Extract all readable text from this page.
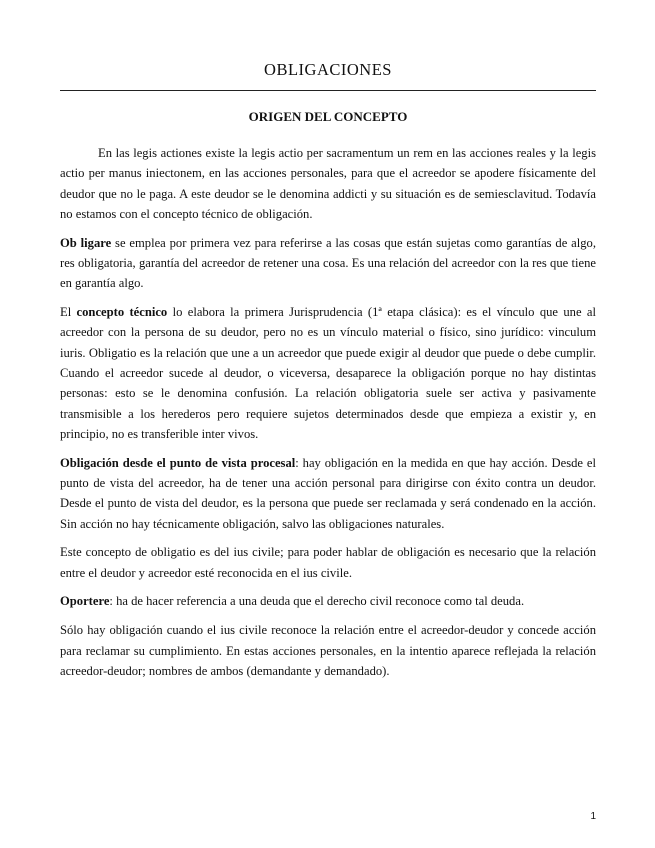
OBLIGACIONES
ORIGEN DEL CONCEPTO

En las legis actiones existe la legis actio per sacramentum un rem en las acciones reales y la legis actio per manus iniectonem, en las acciones personales, para que el acreedor se apodere físicamente del deudor que no le paga. A este deudor se le denomina addicti y su situación es de semiesclavitud. Todavía no estamos con el concepto técnico de obligación.

Ob ligare se emplea por primera vez para referirse a las cosas que están sujetas como garantías de algo, res obligatoria, garantía del acreedor de retener una cosa. Es una relación del acreedor con la res que tiene en garantía algo.

El concepto técnico lo elabora la primera Jurisprudencia (1ª etapa clásica): es el vínculo que une al acreedor con la persona de su deudor, pero no es un vínculo material o físico, sino jurídico: vinculum iuris. Obligatio es la relación que une a un acreedor que puede exigir al deudor que puede o debe cumplir. Cuando el acreedor sucede al deudor, o viceversa, desaparece la obligación porque no hay distintas personas: esto se le denomina confusión. La relación obligatoria suele ser activa y pasivamente transmisible a los herederos pero requiere sujetos determinados desde que empieza a existir y, en principio, no es transferible inter vivos.

Obligación desde el punto de vista procesal: hay obligación en la medida en que hay acción. Desde el punto de vista del acreedor, ha de tener una acción personal para dirigirse con éxito contra un deudor. Desde el punto de vista del deudor, es la persona que puede ser reclamada y será condenado en la acción. Sin acción no hay técnicamente obligación, salvo las obligaciones naturales.

Este concepto de obligatio es del ius civile; para poder hablar de obligación es necesario que la relación entre el deudor y acreedor esté reconocida en el ius civile.

Oportere: ha de hacer referencia a una deuda que el derecho civil reconoce como tal deuda.

Sólo hay obligación cuando el ius civile reconoce la relación entre el acreedor-deudor y concede acción para reclamar su cumplimiento. En estas acciones personales, en la intentio aparece reflejada la relación acreedor-deudor; nombres de ambos (demandante y demandado).

1
